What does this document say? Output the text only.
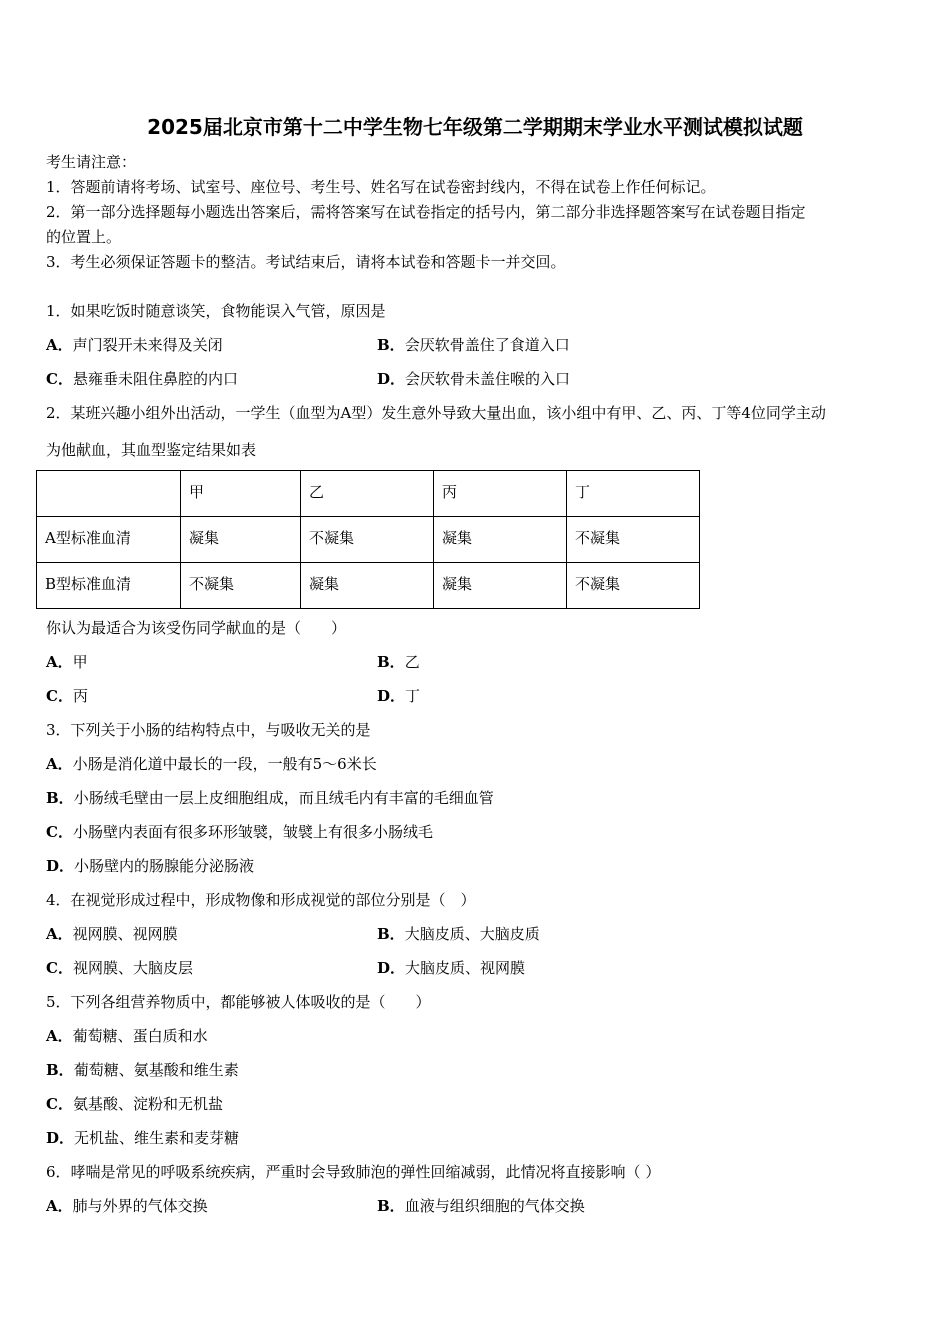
2025届北京市第十二中学生物七年级第二学期期末学业水平测试模拟试题
考生请注意：
1．答题前请将考场、试室号、座位号、考生号、姓名写在试卷密封线内，不得在试卷上作任何标记。
2．第一部分选择题每小题选出答案后，需将答案写在试卷指定的括号内，第二部分非选择题答案写在试卷题目指定
的位置上。
3．考生必须保证答题卡的整洁。考试结束后，请将本试卷和答题卡一并交回。
1．如果吃饭时随意谈笑，食物能误入气管，原因是
A．声门裂开未来得及关闭	B．会厌软骨盖住了食道入口
C．悬雍垂未阻住鼻腔的内口	D．会厌软骨未盖住喉的入口
2．某班兴趣小组外出活动，一学生（血型为A型）发生意外导致大量出血，该小组中有甲、乙、丙、丁等4位同学主动
为他献血，其血型鉴定结果如表
	甲	乙	丙	丁
A型标准血清	凝集	不凝集	凝集	不凝集
B型标准血清	不凝集	凝集	凝集	不凝集
你认为最适合为该受伤同学献血的是（　　）
A．甲	B．乙
C．丙	D．丁
3．下列关于小肠的结构特点中，与吸收无关的是
A．小肠是消化道中最长的一段，一般有5～6米长
B．小肠绒毛壁由一层上皮细胞组成，而且绒毛内有丰富的毛细血管
C．小肠壁内表面有很多环形皱襞，皱襞上有很多小肠绒毛
D．小肠壁内的肠腺能分泌肠液
4．在视觉形成过程中，形成物像和形成视觉的部位分别是（　）
A．视网膜、视网膜	B．大脑皮质、大脑皮质
C．视网膜、大脑皮层	D．大脑皮质、视网膜
5．下列各组营养物质中，都能够被人体吸收的是（　　）
A．葡萄糖、蛋白质和水
B．葡萄糖、氨基酸和维生素
C．氨基酸、淀粉和无机盐
D．无机盐、维生素和麦芽糖
6．哮喘是常见的呼吸系统疾病，严重时会导致肺泡的弹性回缩减弱，此情况将直接影响（ ）
A．肺与外界的气体交换	B．血液与组织细胞的气体交换
